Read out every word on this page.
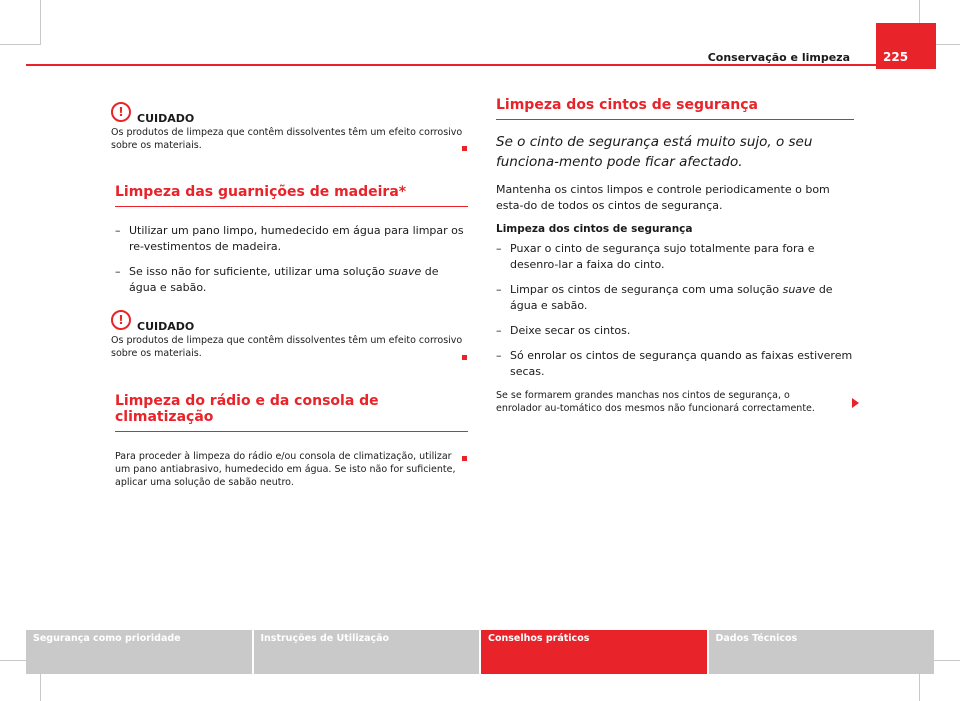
Conservação e limpeza	225
!	CUIDADO

Os produtos de limpeza que contêm dissolventes têm um efeito corrosivo sobre os materiais.

Limpeza das guarnições de madeira*
– Utilizar um pano limpo, humedecido em água para limpar os re-vestimentos de madeira.
– Se isso não for suficiente, utilizar uma solução suave de água e sabão.
!	CUIDADO

Os produtos de limpeza que contêm dissolventes têm um efeito corrosivo sobre os materiais.

Limpeza do rádio e da consola de climatização

Para proceder à limpeza do rádio e/ou consola de climatização, utilizar um pano antiabrasivo, humedecido em água. Se isto não for suficiente, aplicar uma solução de sabão neutro.

Limpeza dos cintos de segurança

Se o cinto de segurança está muito sujo, o seu funciona-mento pode ficar afectado.

Mantenha os cintos limpos e controle periodicamente o bom esta-do de todos os cintos de segurança.

Limpeza dos cintos de segurança

– Puxar o cinto de segurança sujo totalmente para fora e desenro-lar a faixa do cinto.
– Limpar os cintos de segurança com uma solução suave de água e sabão.
– Deixe secar os cintos.
– Só enrolar os cintos de segurança quando as faixas estiverem secas.

Se se formarem grandes manchas nos cintos de segurança, o enrolador au-tomático dos mesmos não funcionará correctamente.

Segurança como prioridade	Instruções de Utilização	Conselhos práticos	Dados Técnicos
